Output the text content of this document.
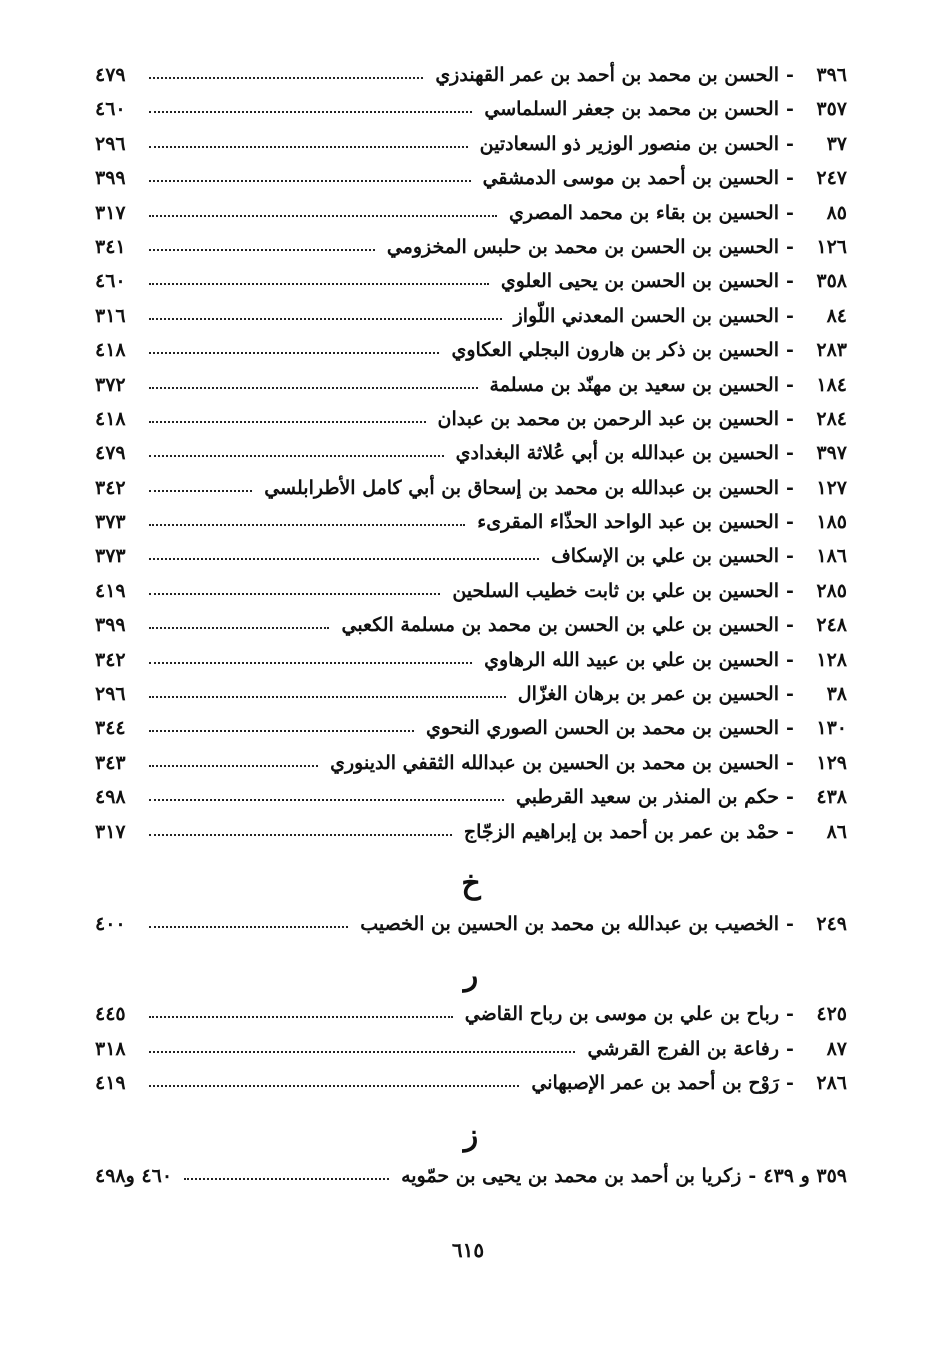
٣٩٦
-
الحسن بن محمد بن أحمد بن عمر القهندزي
٤٧٩
٣٥٧
-
الحسن بن محمد بن جعفر السلماسي
٤٦٠
٣٧
-
الحسن بن منصور الوزير ذو السعادتين
٢٩٦
٢٤٧
-
الحسين بن أحمد بن موسى الدمشقي
٣٩٩
٨٥
-
الحسين بن بقاء بن محمد المصري
٣١٧
١٢٦
-
الحسين بن الحسن بن محمد بن حلبس المخزومي
٣٤١
٣٥٨
-
الحسين بن الحسن بن يحيى العلوي
٤٦٠
٨٤
-
الحسين بن الحسن المعدني اللّواز
٣١٦
٢٨٣
-
الحسين بن ذكر بن هارون البجلي العكاوي
٤١٨
١٨٤
-
الحسين بن سعيد بن مهنّد بن مسلمة
٣٧٢
٢٨٤
-
الحسين بن عبد الرحمن بن محمد بن عبدان
٤١٨
٣٩٧
-
الحسين بن عبدالله بن أبي عُلاثة البغدادي
٤٧٩
١٢٧
-
الحسين بن عبدالله بن محمد بن إسحاق بن أبي كامل الأطرابلسي
٣٤٢
١٨٥
-
الحسين بن عبد الواحد الحذّاء المقرىء
٣٧٣
١٨٦
-
الحسين بن علي بن الإسكاف
٣٧٣
٢٨٥
-
الحسين بن علي بن ثابت خطيب السلحين
٤١٩
٢٤٨
-
الحسين بن علي بن الحسن بن محمد بن مسلمة الكعبي
٣٩٩
١٢٨
-
الحسين بن علي بن عبيد الله الرهاوي
٣٤٢
٣٨
-
الحسين بن عمر بن برهان الغزّال
٢٩٦
١٣٠
-
الحسين بن محمد بن الحسن الصوري النحوي
٣٤٤
١٢٩
-
الحسين بن محمد بن الحسين بن عبدالله الثقفي الدينوري
٣٤٣
٤٣٨
-
حكم بن المنذر بن سعيد القرطبي
٤٩٨
٨٦
-
حمْد بن عمر بن أحمد بن إبراهيم الزجّاج
٣١٧
خ
٢٤٩
-
الخصيب بن عبدالله بن محمد بن الحسين بن الخصيب
٤٠٠
ر
٤٢٥
-
رباح بن علي بن موسى بن رباح القاضي
٤٤٥
٨٧
-
رفاعة بن الفرج القرشي
٣١٨
٢٨٦
-
رَوْح بن أحمد بن عمر الإصبهاني
٤١٩
ز
٣٥٩ و ٤٣٩
-
زكريا بن أحمد بن محمد بن يحيى بن حمّويه
٤٦٠ و٤٩٨
٦١٥
